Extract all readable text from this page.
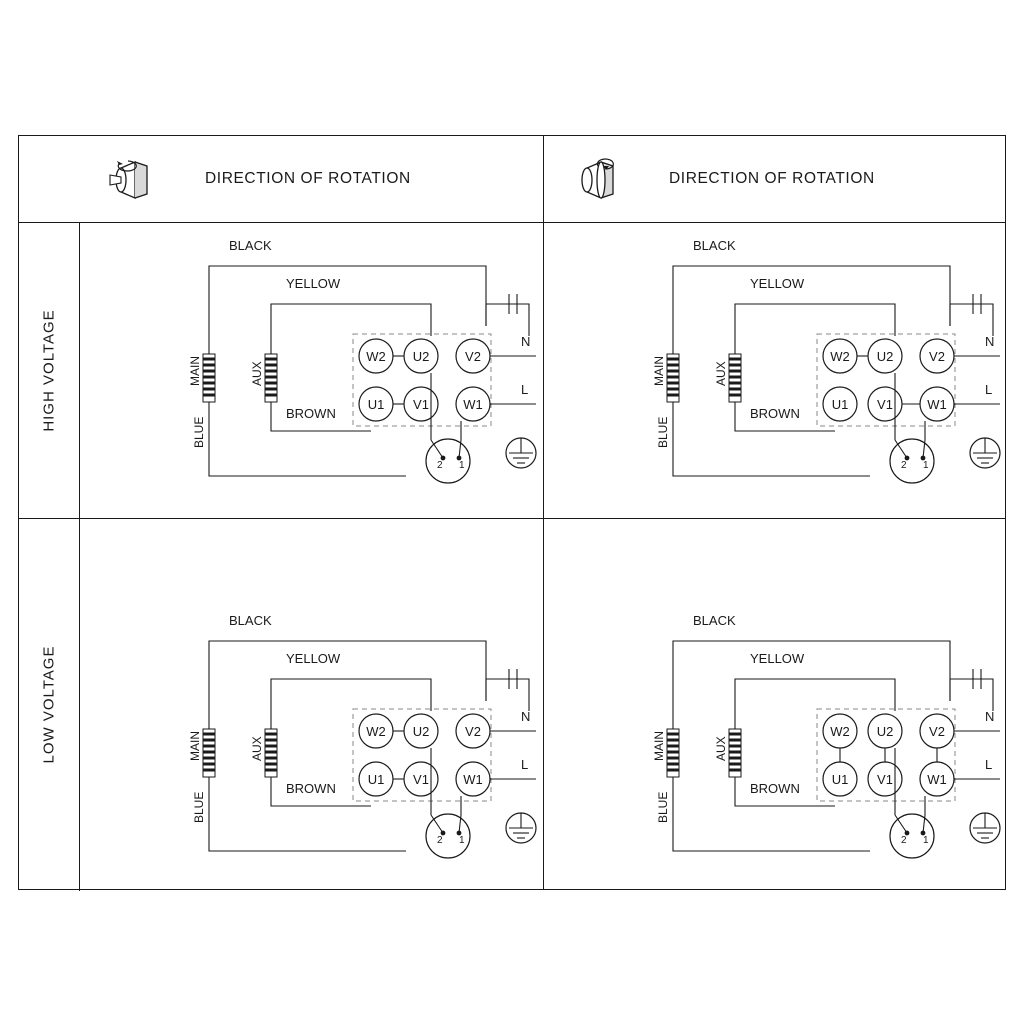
DIRECTION OF ROTATION	DIRECTION OF ROTATION
HIGH VOLTAGE
LOW VOLTAGE
BLACK
YELLOW
BROWN
MAIN	AUX
BLUE
W2 U2	V2
U1 V1	W1
N
L
2 1
BLACK
YELLOW
BROWN
MAIN	AUX
BLUE
W2 U2	V2
U1 V1	W1
N
L
2 1
BLACK
YELLOW
BROWN
MAIN	AUX
BLUE
W2 U2	V2
U1 V1	W1
N
L
2 1
BLACK
YELLOW
BROWN
MAIN	AUX
BLUE
W2 U2	V2
U1 V1	W1
N
L
2 1
